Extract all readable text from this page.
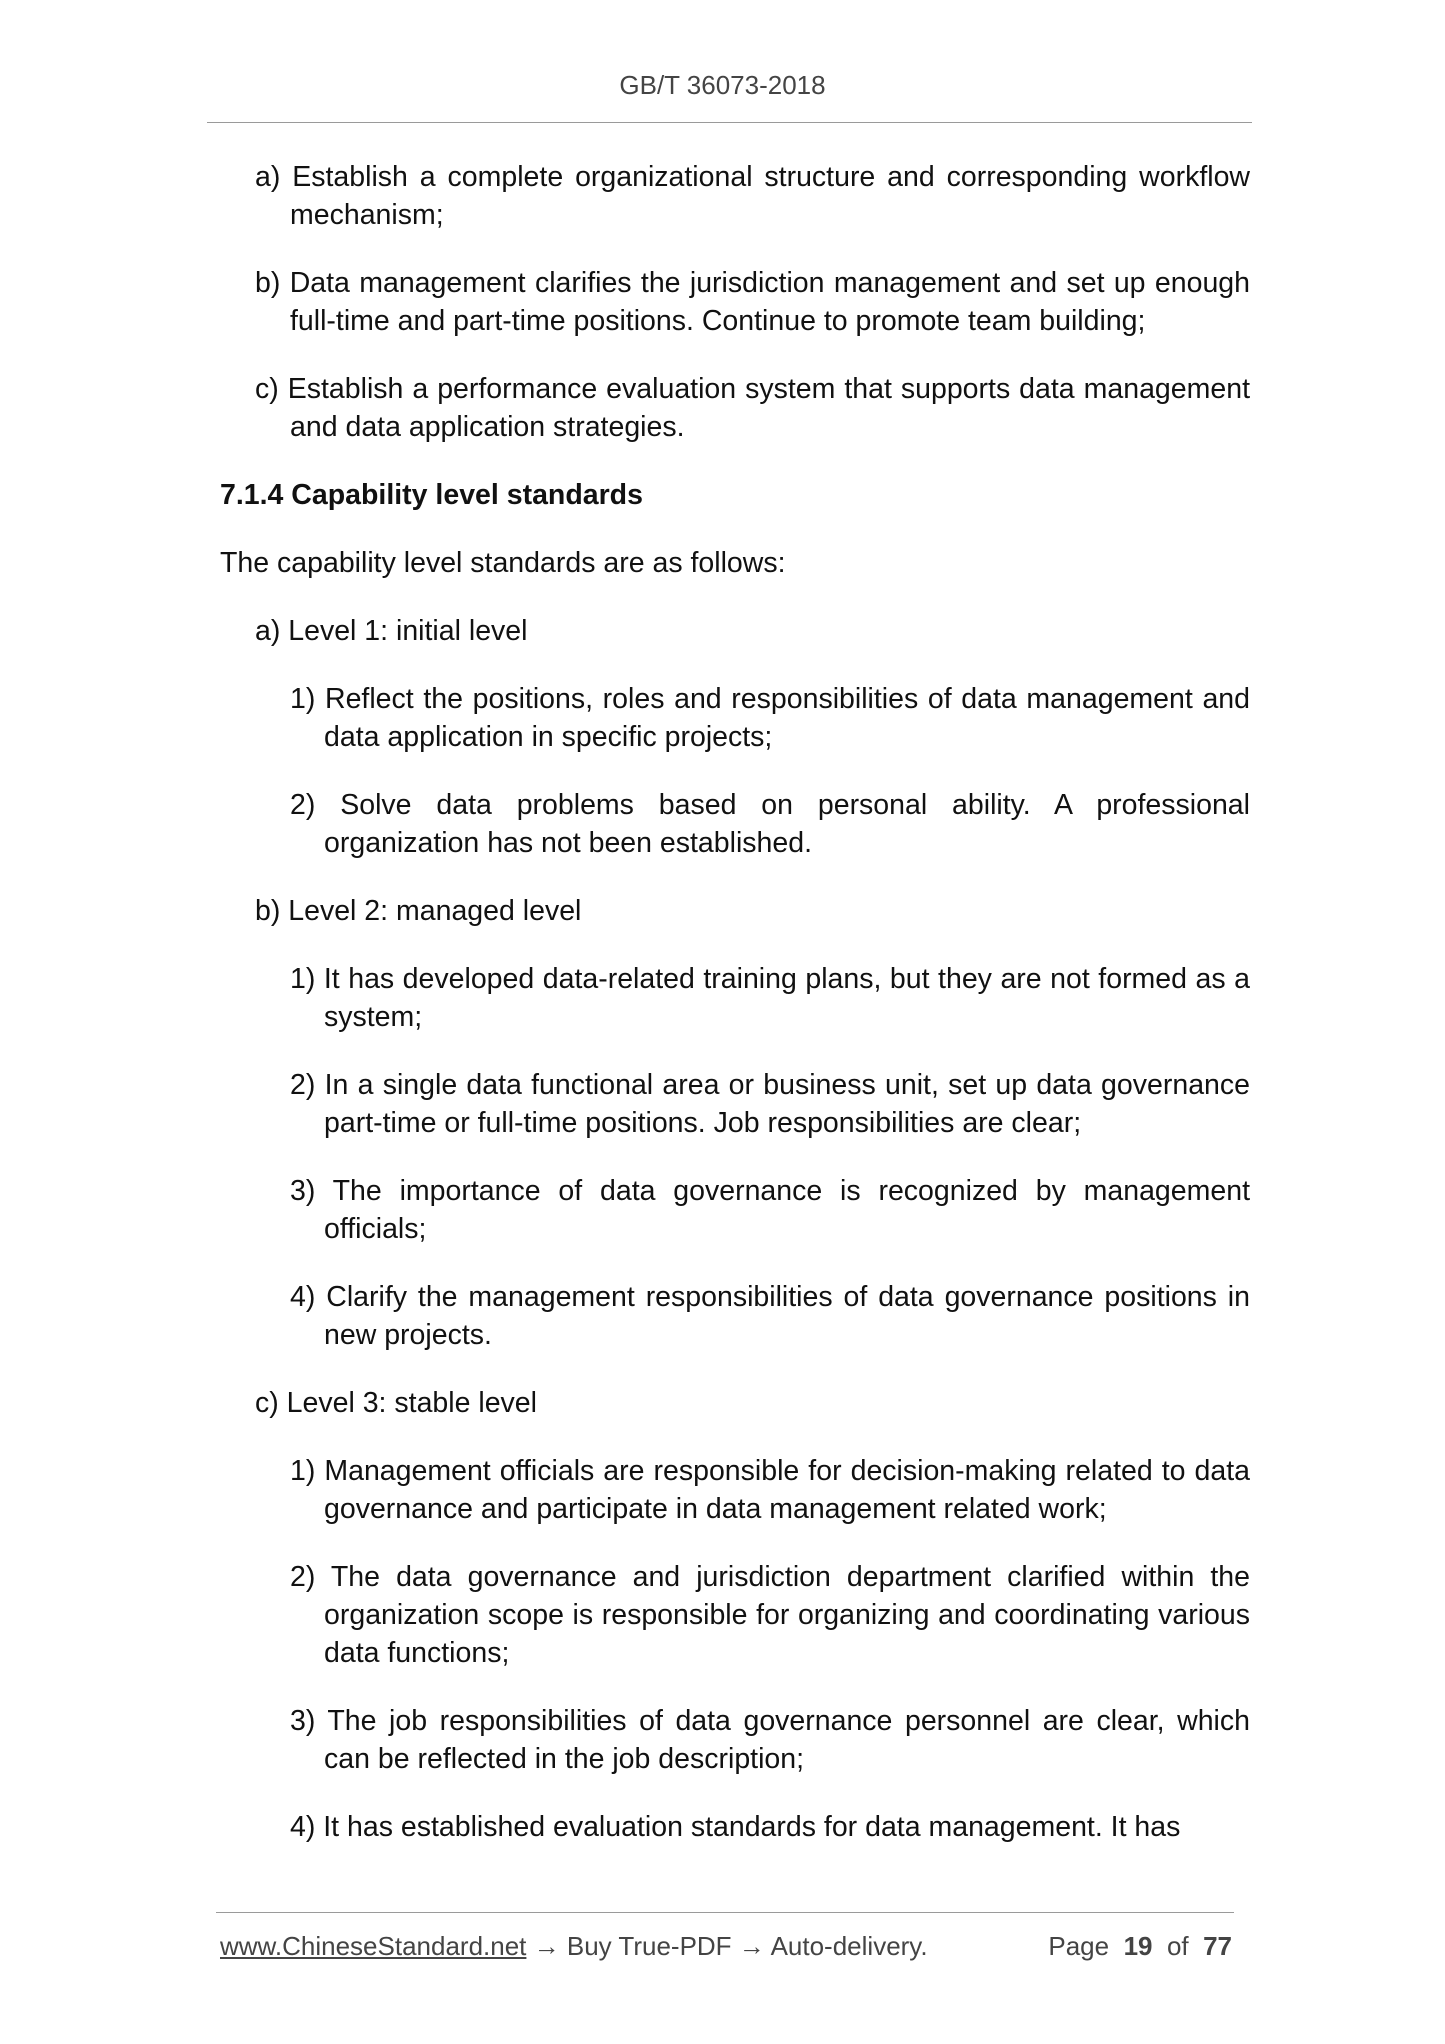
GB/T 36073-2018

a) Establish a complete organizational structure and corresponding workflow mechanism;

b) Data management clarifies the jurisdiction management and set up enough full-time and part-time positions. Continue to promote team building;

c) Establish a performance evaluation system that supports data management and data application strategies.

7.1.4 Capability level standards

The capability level standards are as follows:

a) Level 1: initial level

1) Reflect the positions, roles and responsibilities of data management and data application in specific projects;

2) Solve data problems based on personal ability. A professional organization has not been established.

b) Level 2: managed level

1) It has developed data-related training plans, but they are not formed as a system;

2) In a single data functional area or business unit, set up data governance part-time or full-time positions. Job responsibilities are clear;

3) The importance of data governance is recognized by management officials;

4) Clarify the management responsibilities of data governance positions in new projects.

c) Level 3: stable level

1) Management officials are responsible for decision-making related to data governance and participate in data management related work;

2) The data governance and jurisdiction department clarified within the organization scope is responsible for organizing and coordinating various data functions;

3) The job responsibilities of data governance personnel are clear, which can be reflected in the job description;

4) It has established evaluation standards for data management. It has

www.ChineseStandard.net → Buy True-PDF → Auto-delivery.	Page 19 of 77
